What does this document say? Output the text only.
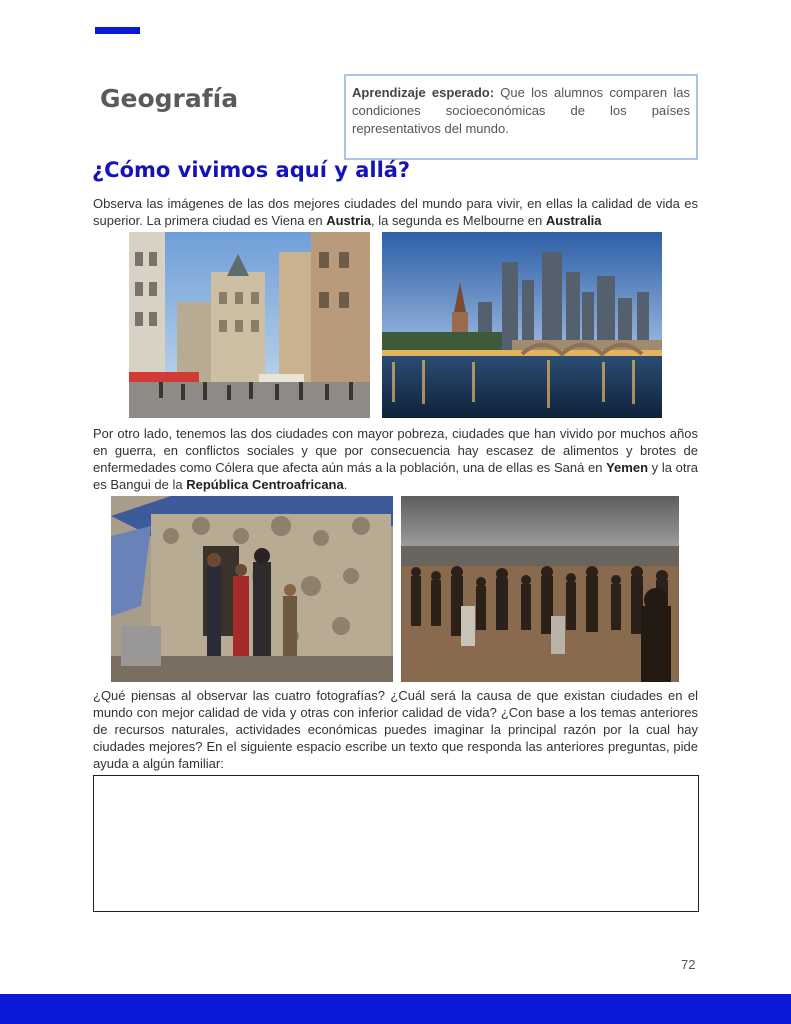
Geografía	Aprendizaje esperado: Que los alumnos comparen las condiciones socioeconómicas de los países representativos del mundo.
¿Cómo vivimos aquí y allá?
Observa las imágenes de las dos mejores ciudades del mundo para vivir, en ellas la calidad de vida es superior. La primera ciudad es Viena en Austria, la segunda es Melbourne en Australia
Por otro lado, tenemos las dos ciudades con mayor pobreza, ciudades que han vivido por muchos años en guerra, en conflictos sociales y que por consecuencia hay escasez de alimentos y brotes de enfermedades como Cólera que afecta aún más a la población, una de ellas es Saná en Yemen y la otra es Bangui de la República Centroafricana.
¿Qué piensas al observar las cuatro fotografías? ¿Cuál será la causa de que existan ciudades en el mundo con mejor calidad de vida y otras con inferior calidad de vida? ¿Con base a los temas anteriores de recursos naturales, actividades económicas puedes imaginar la principal razón por la cual hay ciudades mejores? En el siguiente espacio escribe un texto que responda las anteriores preguntas, pide ayuda a algún familiar:
72
